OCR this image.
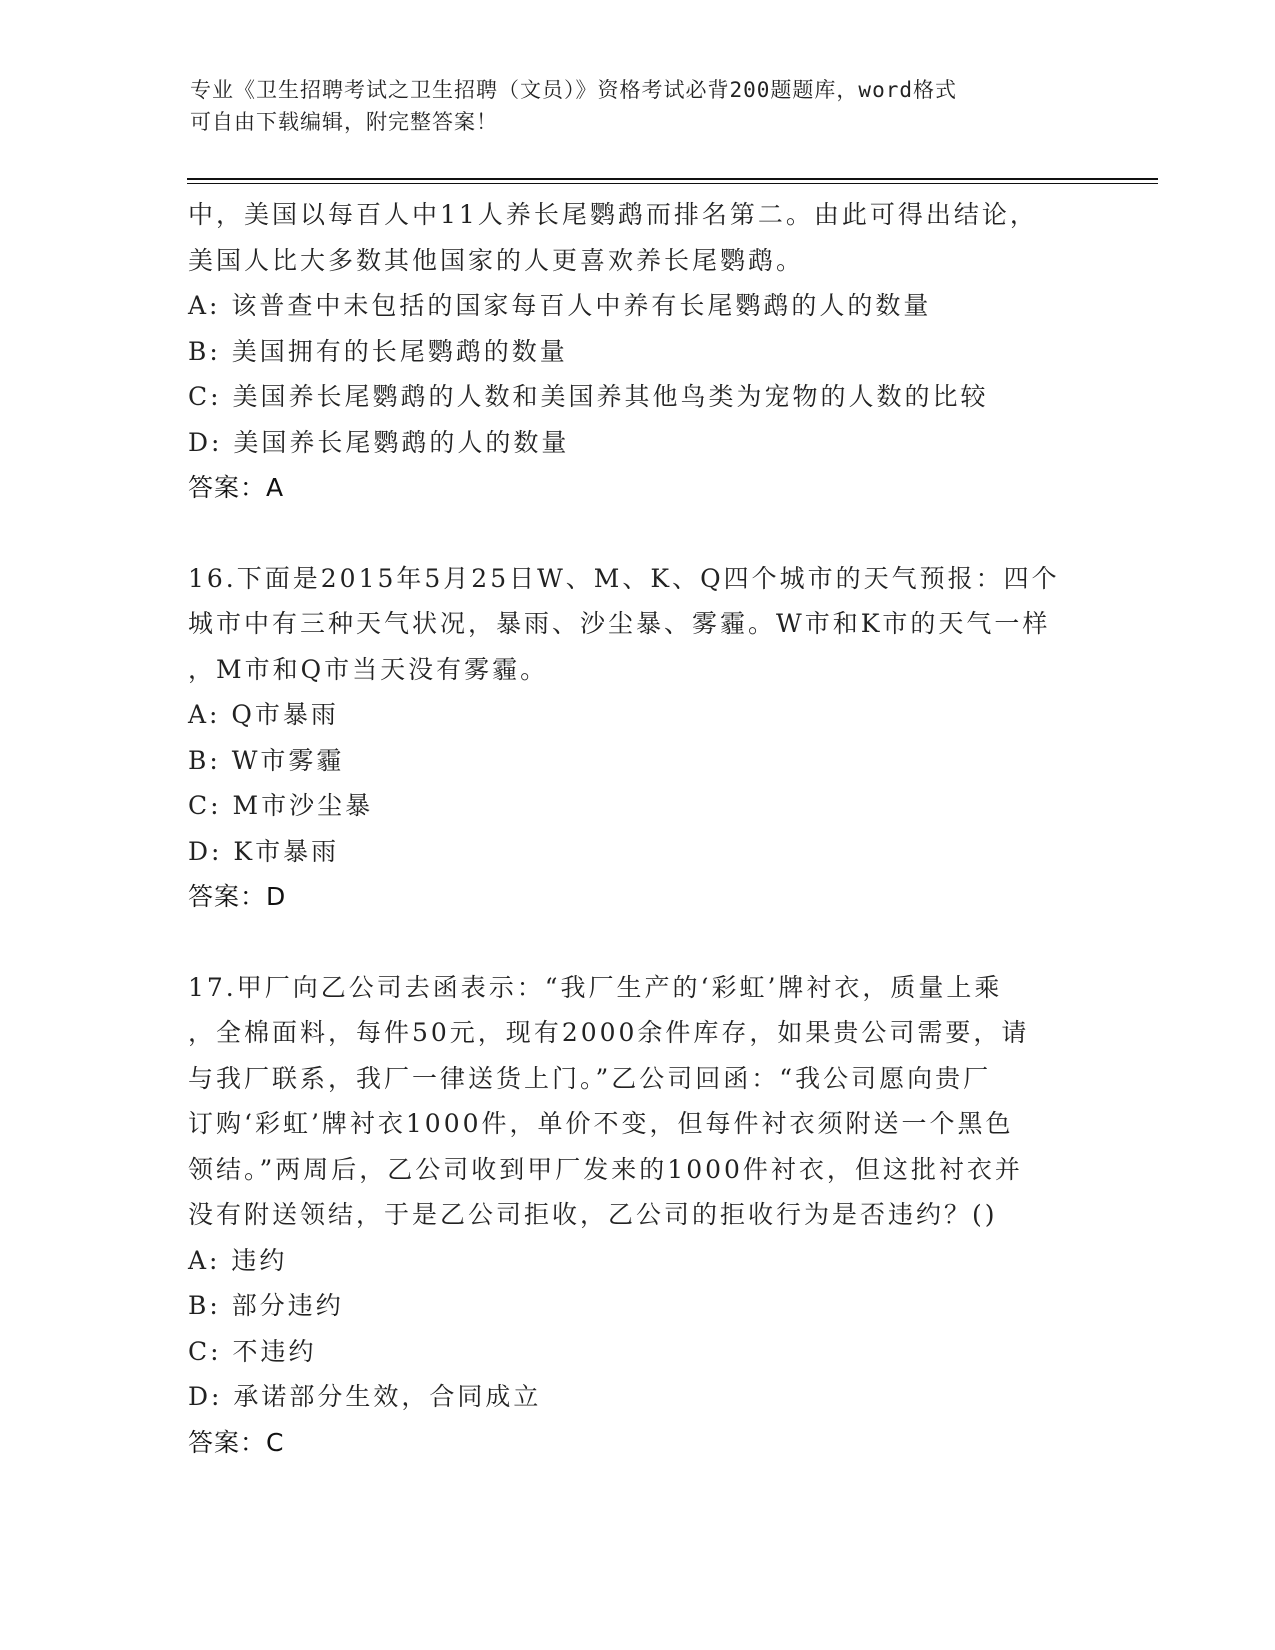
专业《卫生招聘考试之卫生招聘（文员）》资格考试必背200题题库，word格式
可自由下载编辑，附完整答案！
中，美国以每百人中11人养长尾鹦鹉而排名第二。由此可得出结论，
美国人比大多数其他国家的人更喜欢养长尾鹦鹉。
A: 该普查中未包括的国家每百人中养有长尾鹦鹉的人的数量
B: 美国拥有的长尾鹦鹉的数量
C: 美国养长尾鹦鹉的人数和美国养其他鸟类为宠物的人数的比较
D: 美国养长尾鹦鹉的人的数量
答案：A
16.下面是2015年5月25日W、M、K、Q四个城市的天气预报：四个
城市中有三种天气状况，暴雨、沙尘暴、雾霾。W市和K市的天气一样
，M市和Q市当天没有雾霾。
A: Q市暴雨
B: W市雾霾
C: M市沙尘暴
D: K市暴雨
答案：D
17.甲厂向乙公司去函表示：“我厂生产的‘彩虹’牌衬衣，质量上乘
，全棉面料，每件50元，现有2000余件库存，如果贵公司需要，请
与我厂联系，我厂一律送货上门。”乙公司回函：“我公司愿向贵厂
订购‘彩虹’牌衬衣1000件，单价不变，但每件衬衣须附送一个黑色
领结。”两周后，乙公司收到甲厂发来的1000件衬衣，但这批衬衣并
没有附送领结，于是乙公司拒收，乙公司的拒收行为是否违约？()
A: 违约
B: 部分违约
C: 不违约
D: 承诺部分生效，合同成立
答案：C
